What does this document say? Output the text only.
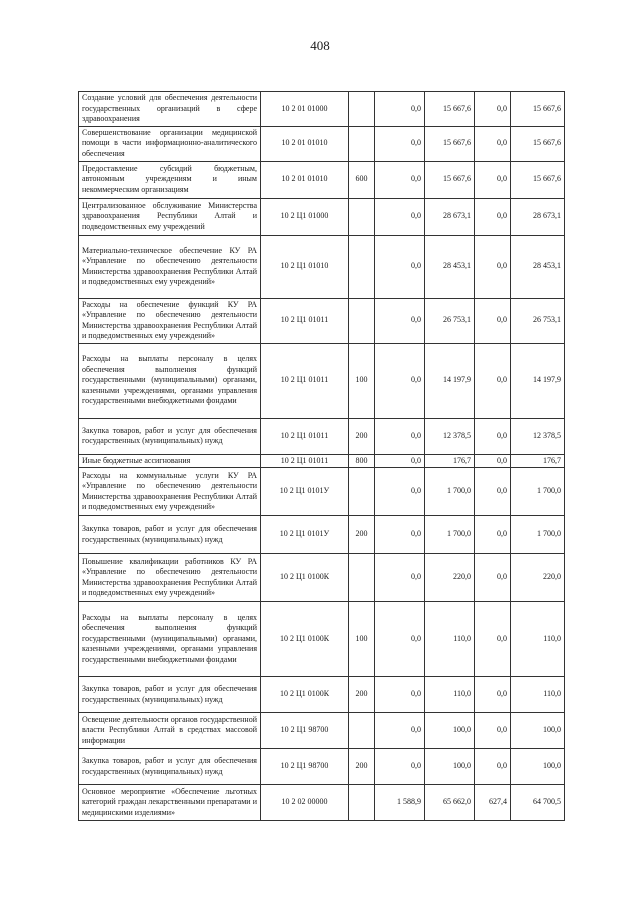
408
Создание условий для обеспечения деятельности государственных организаций в сфере здравоохранения	10 2 01 01000		0,0	15 667,6	0,0	15 667,6
Совершенствование организации медицинской помощи в части информационно-аналитического обеспечения	10 2 01 01010		0,0	15 667,6	0,0	15 667,6
Предоставление субсидий бюджетным, автономным учреждениям и иным некоммерческим организациям	10 2 01 01010	600	0,0	15 667,6	0,0	15 667,6
Централизованное обслуживание Министерства здравоохранения Республики Алтай и подведомственных ему учреждений	10 2 Ц1 01000		0,0	28 673,1	0,0	28 673,1
Материально-техническое обеспечение КУ РА «Управление по обеспечению деятельности Министерства здравоохранения Республики Алтай и подведомственных ему учреждений»	10 2 Ц1 01010		0,0	28 453,1	0,0	28 453,1
Расходы на обеспечение функций КУ РА «Управление по обеспечению деятельности Министерства здравоохранения Республики Алтай и подведомственных ему учреждений»	10 2 Ц1 01011		0,0	26 753,1	0,0	26 753,1
Расходы на выплаты персоналу в целях обеспечения выполнения функций государственными (муниципальными) органами, казенными учреждениями, органами управления государственными внебюджетными фондами	10 2 Ц1 01011	100	0,0	14 197,9	0,0	14 197,9
Закупка товаров, работ и услуг для обеспечения государственных (муниципальных) нужд	10 2 Ц1 01011	200	0,0	12 378,5	0,0	12 378,5
Иные бюджетные ассигнования	10 2 Ц1 01011	800	0,0	176,7	0,0	176,7
Расходы на коммунальные услуги КУ РА «Управление по обеспечению деятельности Министерства здравоохранения Республики Алтай и подведомственных ему учреждений»	10 2 Ц1 0101У		0,0	1 700,0	0,0	1 700,0
Закупка товаров, работ и услуг для обеспечения государственных (муниципальных) нужд	10 2 Ц1 0101У	200	0,0	1 700,0	0,0	1 700,0
Повышение квалификации работников КУ РА «Управление по обеспечению деятельности Министерства здравоохранения Республики Алтай и подведомственных ему учреждений»	10 2 Ц1 0100К		0,0	220,0	0,0	220,0
Расходы на выплаты персоналу в целях обеспечения выполнения функций государственными (муниципальными) органами, казенными учреждениями, органами управления государственными внебюджетными фондами	10 2 Ц1 0100К	100	0,0	110,0	0,0	110,0
Закупка товаров, работ и услуг для обеспечения государственных (муниципальных) нужд	10 2 Ц1 0100К	200	0,0	110,0	0,0	110,0
Освещение деятельности органов государственной власти Республики Алтай в средствах массовой информации	10 2 Ц1 98700		0,0	100,0	0,0	100,0
Закупка товаров, работ и услуг для обеспечения государственных (муниципальных) нужд	10 2 Ц1 98700	200	0,0	100,0	0,0	100,0
Основное мероприятие «Обеспечение льготных категорий граждан лекарственными препаратами и медицинскими изделиями»	10 2 02 00000		1 588,9	65 662,0	627,4	64 700,5
